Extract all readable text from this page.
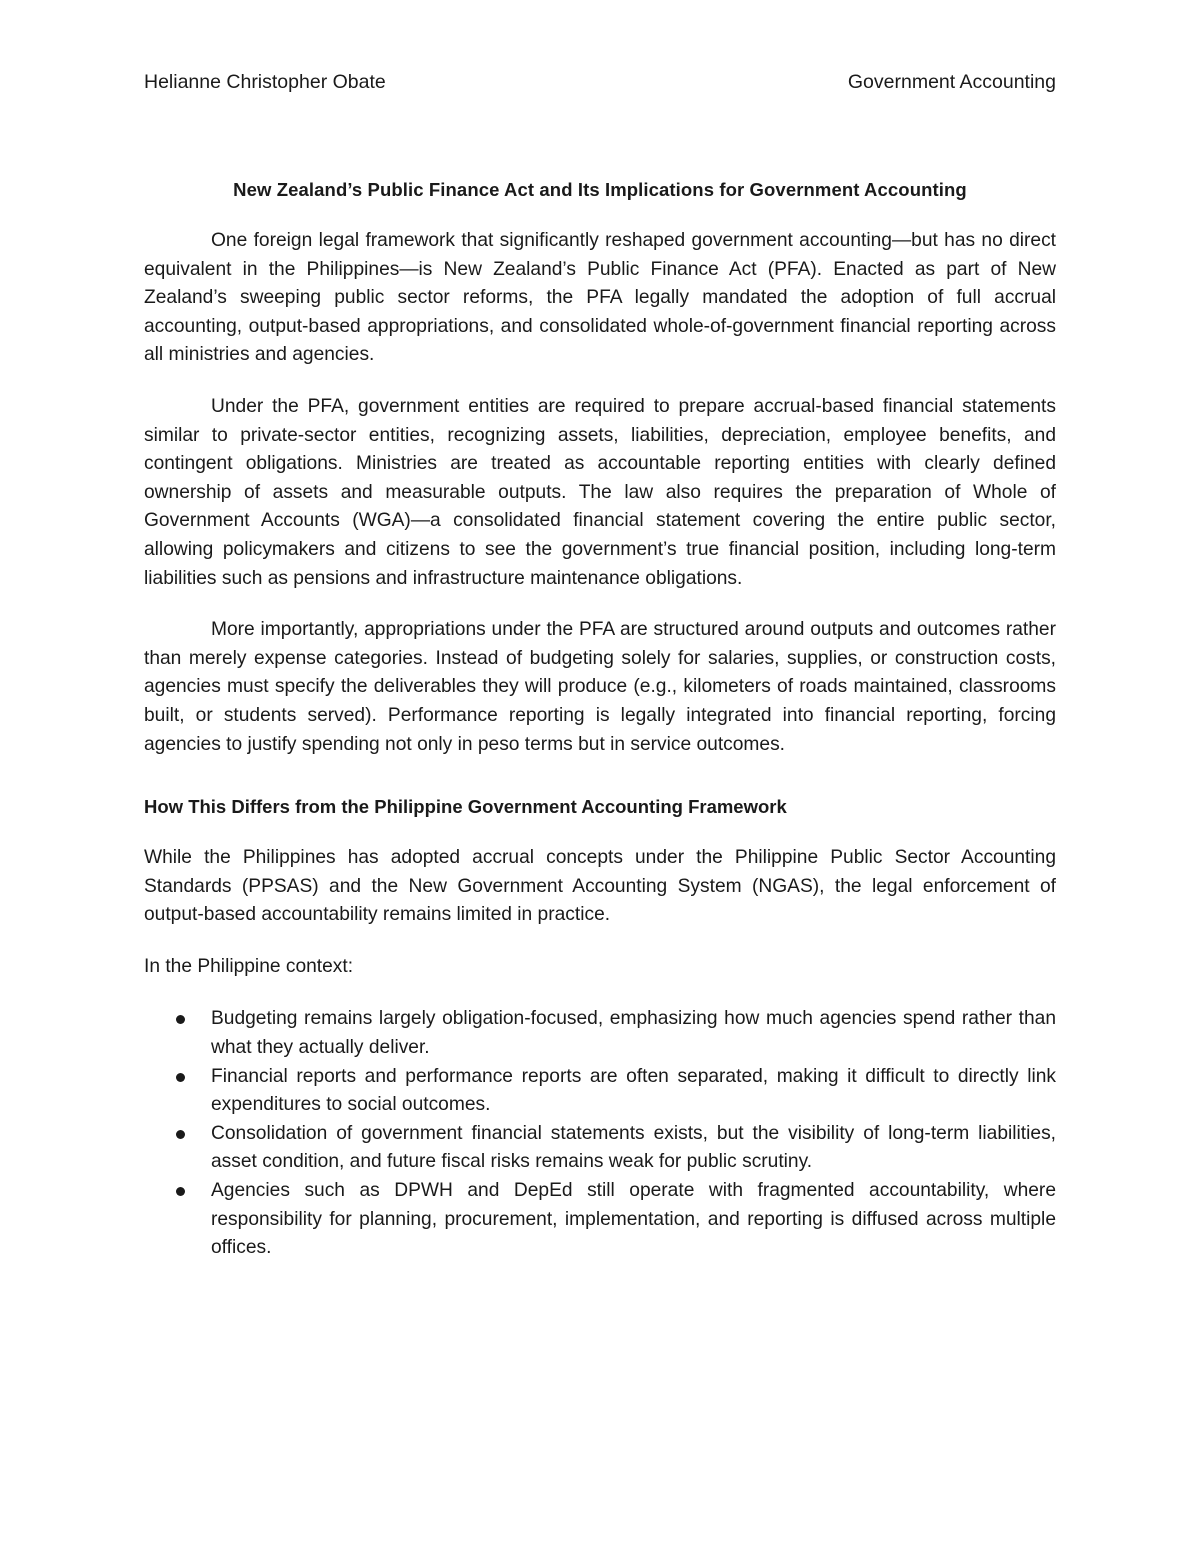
Helianne Christopher Obate	Government Accounting
New Zealand’s Public Finance Act and Its Implications for Government Accounting

One foreign legal framework that significantly reshaped government accounting—but has no direct equivalent in the Philippines—is New Zealand’s Public Finance Act (PFA). Enacted as part of New Zealand’s sweeping public sector reforms, the PFA legally mandated the adoption of full accrual accounting, output-based appropriations, and consolidated whole-of-government financial reporting across all ministries and agencies.

Under the PFA, government entities are required to prepare accrual-based financial statements similar to private-sector entities, recognizing assets, liabilities, depreciation, employee benefits, and contingent obligations. Ministries are treated as accountable reporting entities with clearly defined ownership of assets and measurable outputs. The law also requires the preparation of Whole of Government Accounts (WGA)—a consolidated financial statement covering the entire public sector, allowing policymakers and citizens to see the government’s true financial position, including long-term liabilities such as pensions and infrastructure maintenance obligations.

More importantly, appropriations under the PFA are structured around outputs and outcomes rather than merely expense categories. Instead of budgeting solely for salaries, supplies, or construction costs, agencies must specify the deliverables they will produce (e.g., kilometers of roads maintained, classrooms built, or students served). Performance reporting is legally integrated into financial reporting, forcing agencies to justify spending not only in peso terms but in service outcomes.

How This Differs from the Philippine Government Accounting Framework

While the Philippines has adopted accrual concepts under the Philippine Public Sector Accounting Standards (PPSAS) and the New Government Accounting System (NGAS), the legal enforcement of output-based accountability remains limited in practice.

In the Philippine context:

Budgeting remains largely obligation-focused, emphasizing how much agencies spend rather than what they actually deliver.
Financial reports and performance reports are often separated, making it difficult to directly link expenditures to social outcomes.
Consolidation of government financial statements exists, but the visibility of long-term liabilities, asset condition, and future fiscal risks remains weak for public scrutiny.
Agencies such as DPWH and DepEd still operate with fragmented accountability, where responsibility for planning, procurement, implementation, and reporting is diffused across multiple offices.
